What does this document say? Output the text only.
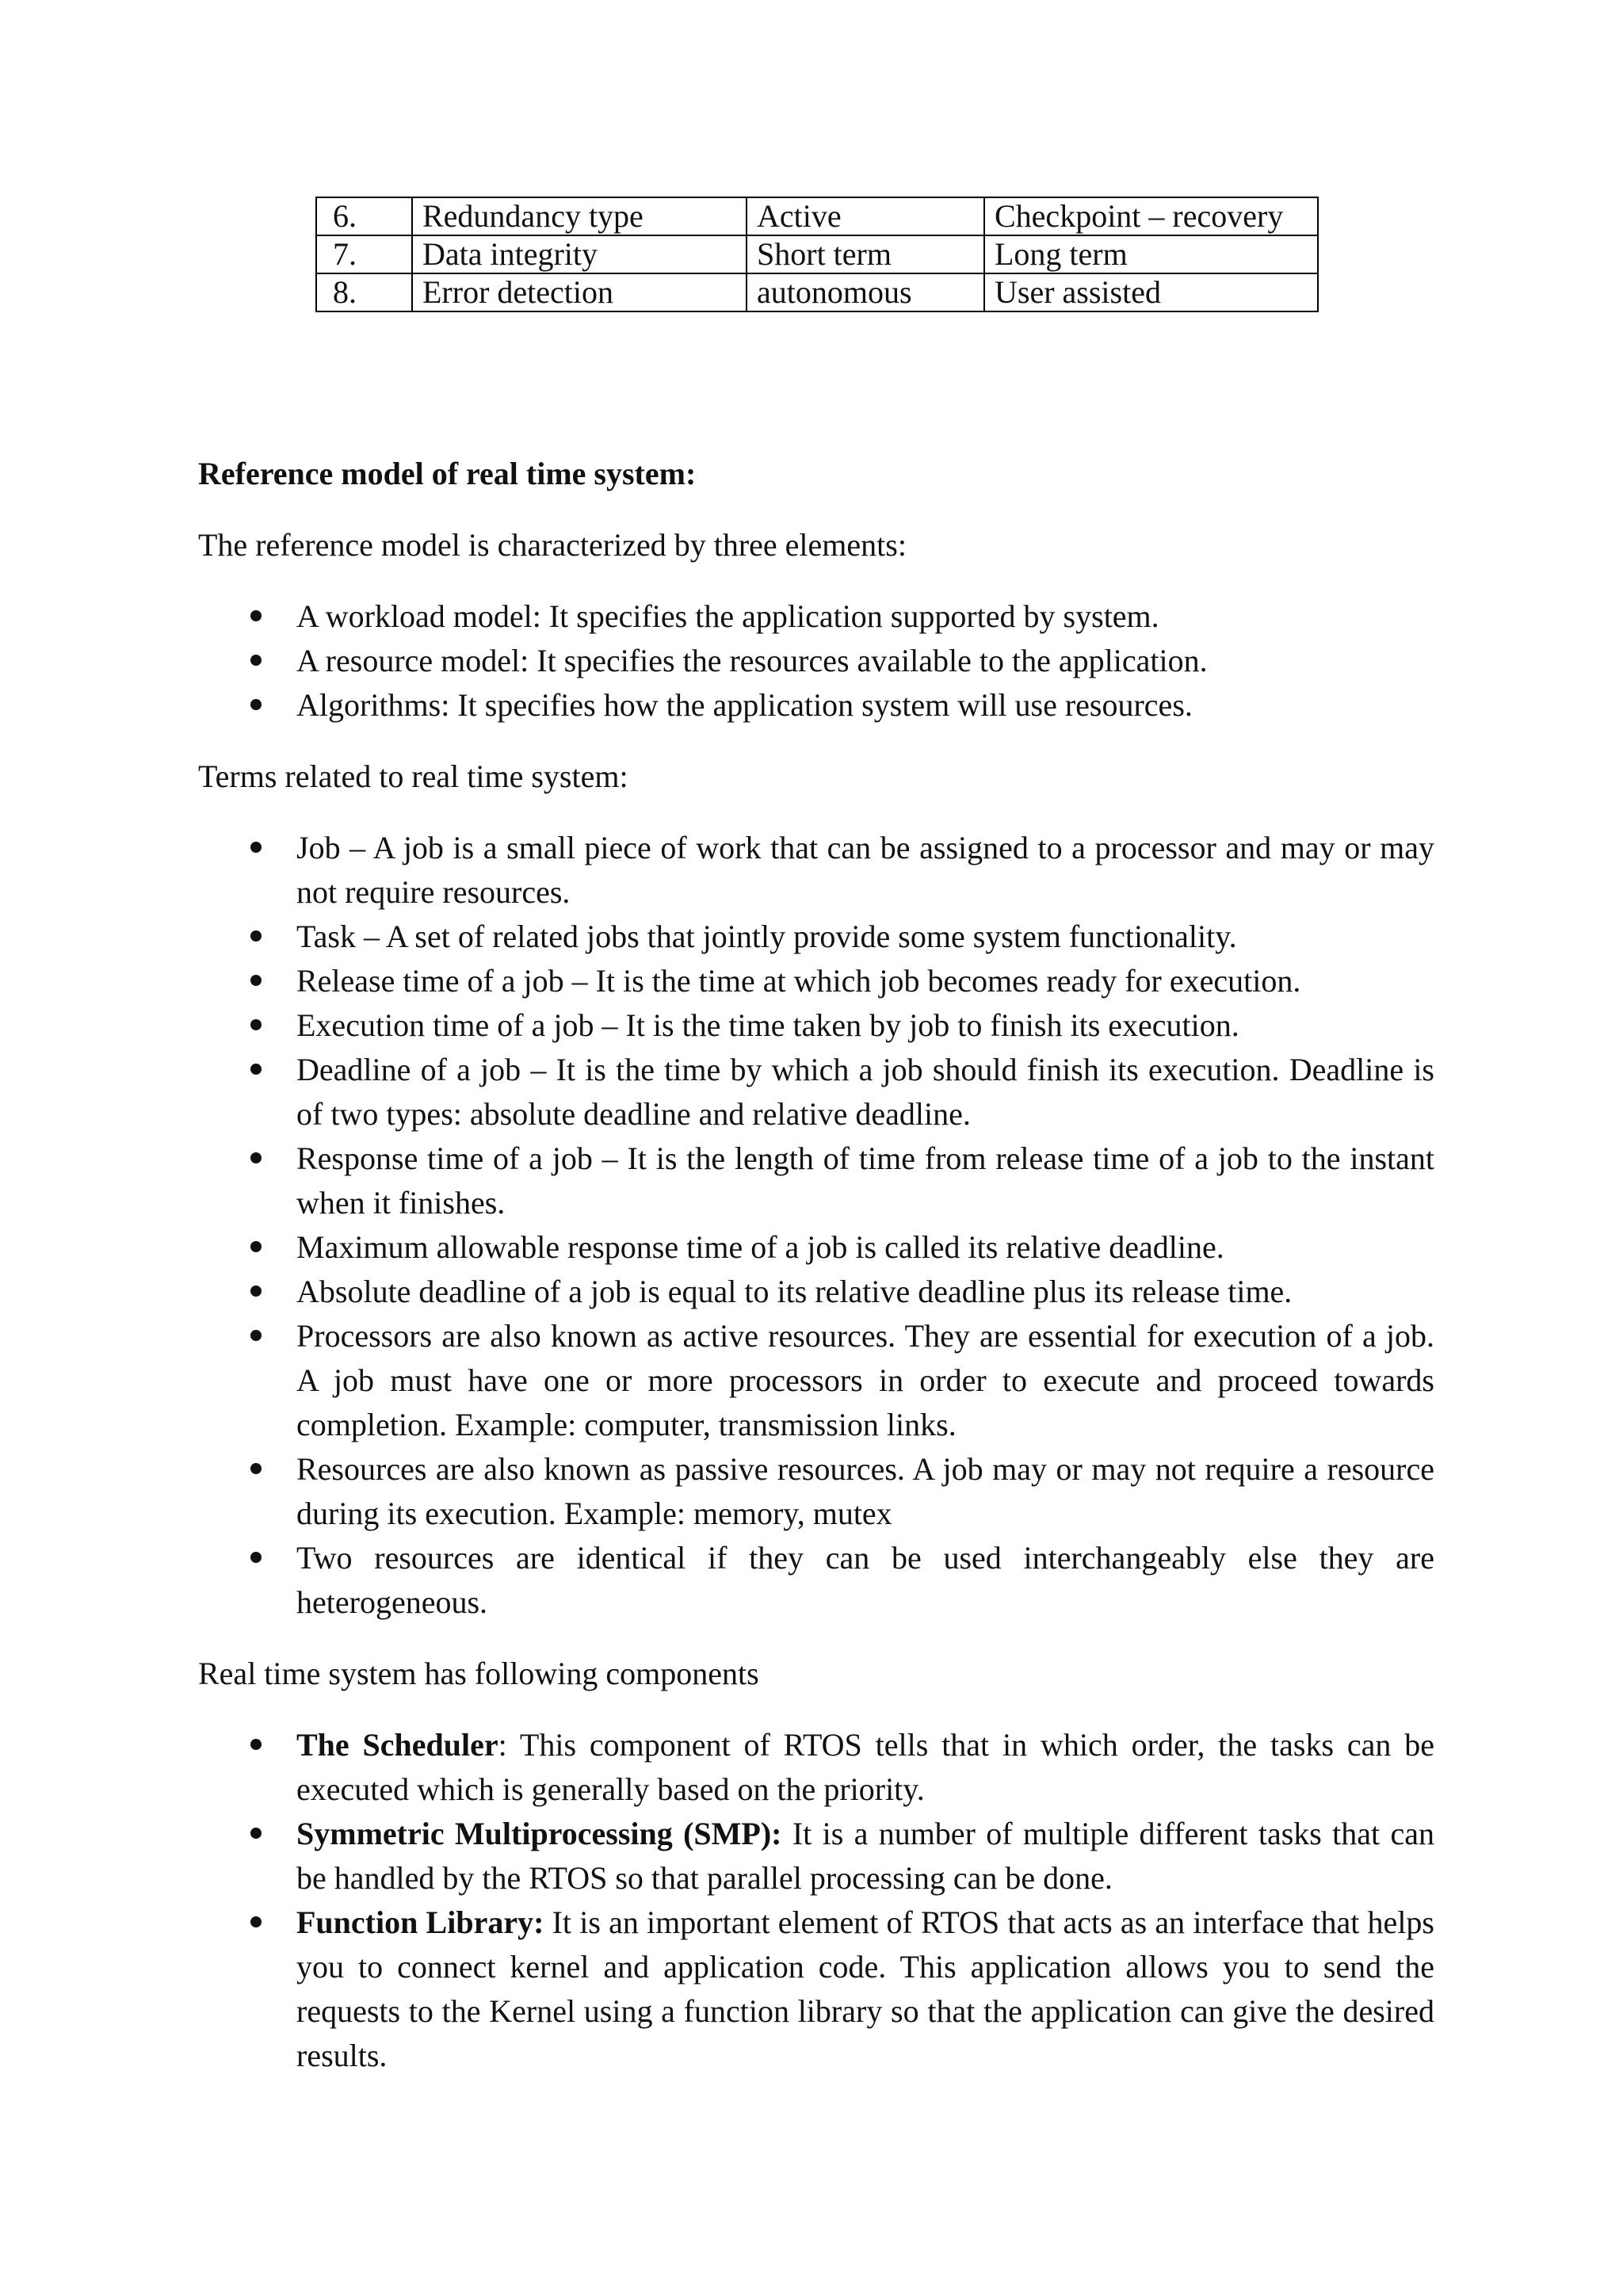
6.	Redundancy type	Active	Checkpoint – recovery
7.	Data integrity	Short term	Long term
8.	Error detection	autonomous	User assisted

Reference model of real time system:

The reference model is characterized by three elements:

A workload model: It specifies the application supported by system.
A resource model: It specifies the resources available to the application.
Algorithms: It specifies how the application system will use resources.

Terms related to real time system:

Job – A job is a small piece of work that can be assigned to a processor and may or may not require resources.
Task – A set of related jobs that jointly provide some system functionality.
Release time of a job – It is the time at which job becomes ready for execution.
Execution time of a job – It is the time taken by job to finish its execution.
Deadline of a job – It is the time by which a job should finish its execution. Deadline is of two types: absolute deadline and relative deadline.
Response time of a job – It is the length of time from release time of a job to the instant when it finishes.
Maximum allowable response time of a job is called its relative deadline.
Absolute deadline of a job is equal to its relative deadline plus its release time.
Processors are also known as active resources. They are essential for execution of a job. A job must have one or more processors in order to execute and proceed towards completion. Example: computer, transmission links.
Resources are also known as passive resources. A job may or may not require a resource during its execution. Example: memory, mutex
Two resources are identical if they can be used interchangeably else they are heterogeneous.

Real time system has following components

The Scheduler: This component of RTOS tells that in which order, the tasks can be executed which is generally based on the priority.
Symmetric Multiprocessing (SMP): It is a number of multiple different tasks that can be handled by the RTOS so that parallel processing can be done.
Function Library: It is an important element of RTOS that acts as an interface that helps you to connect kernel and application code. This application allows you to send the requests to the Kernel using a function library so that the application can give the desired results.
